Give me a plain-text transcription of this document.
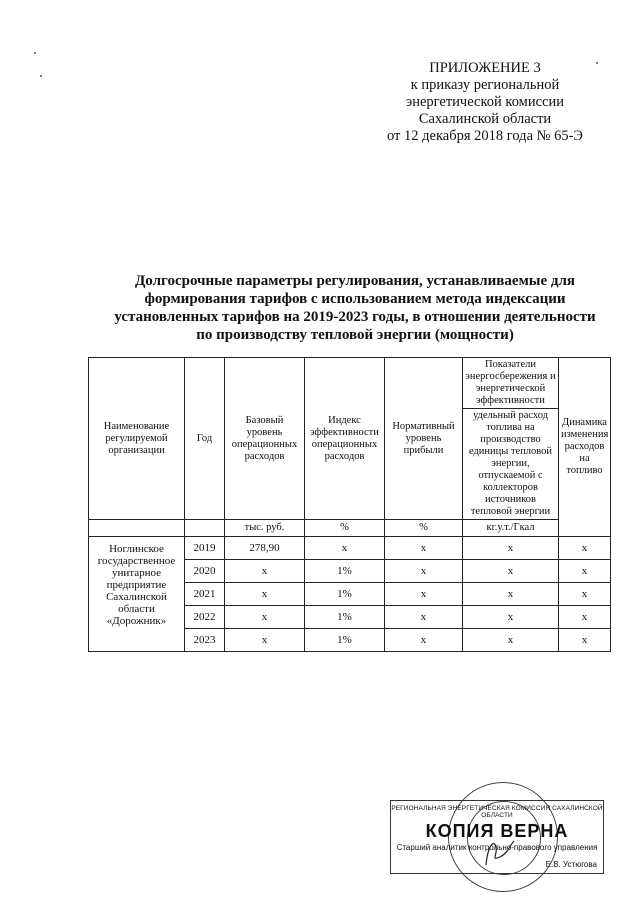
ПРИЛОЖЕНИЕ 3
к приказу региональной
энергетической комиссии
Сахалинской области
от 12 декабря 2018 года № 65-Э
Долгосрочные параметры регулирования, устанавливаемые для
формирования тарифов с использованием метода индексации
установленных тарифов на 2019-2023 годы, в отношении деятельности
по производству тепловой энергии (мощности)
Наименование регулируемой организации	Год	Базовый уровень операционных расходов	Индекс эффективности операционных расходов	Нормативный уровень прибыли	Показатели энергосбережения и энергетической эффективности	Динамика изменения расходов на топливо
					удельный расход топлива на производство единицы тепловой энергии, отпускаемой с коллекторов источников тепловой энергии	
		тыс. руб.	%	%	кг.у.т./Гкал	
Ноглинское государственное унитарное предприятие Сахалинской области «Дорожник»	2019	278,90	x	x	x	x
	2020	x	1%	x	x	x
	2021	x	1%	x	x	x
	2022	x	1%	x	x	x
	2023	x	1%	x	x	x
РЕГИОНАЛЬНАЯ ЭНЕРГЕТИЧЕСКАЯ КОМИССИЯ САХАЛИНСКОЙ ОБЛАСТИ
КОПИЯ ВЕРНА
Старший аналитик контрольно-правового управления
Е.В. Устюгова
